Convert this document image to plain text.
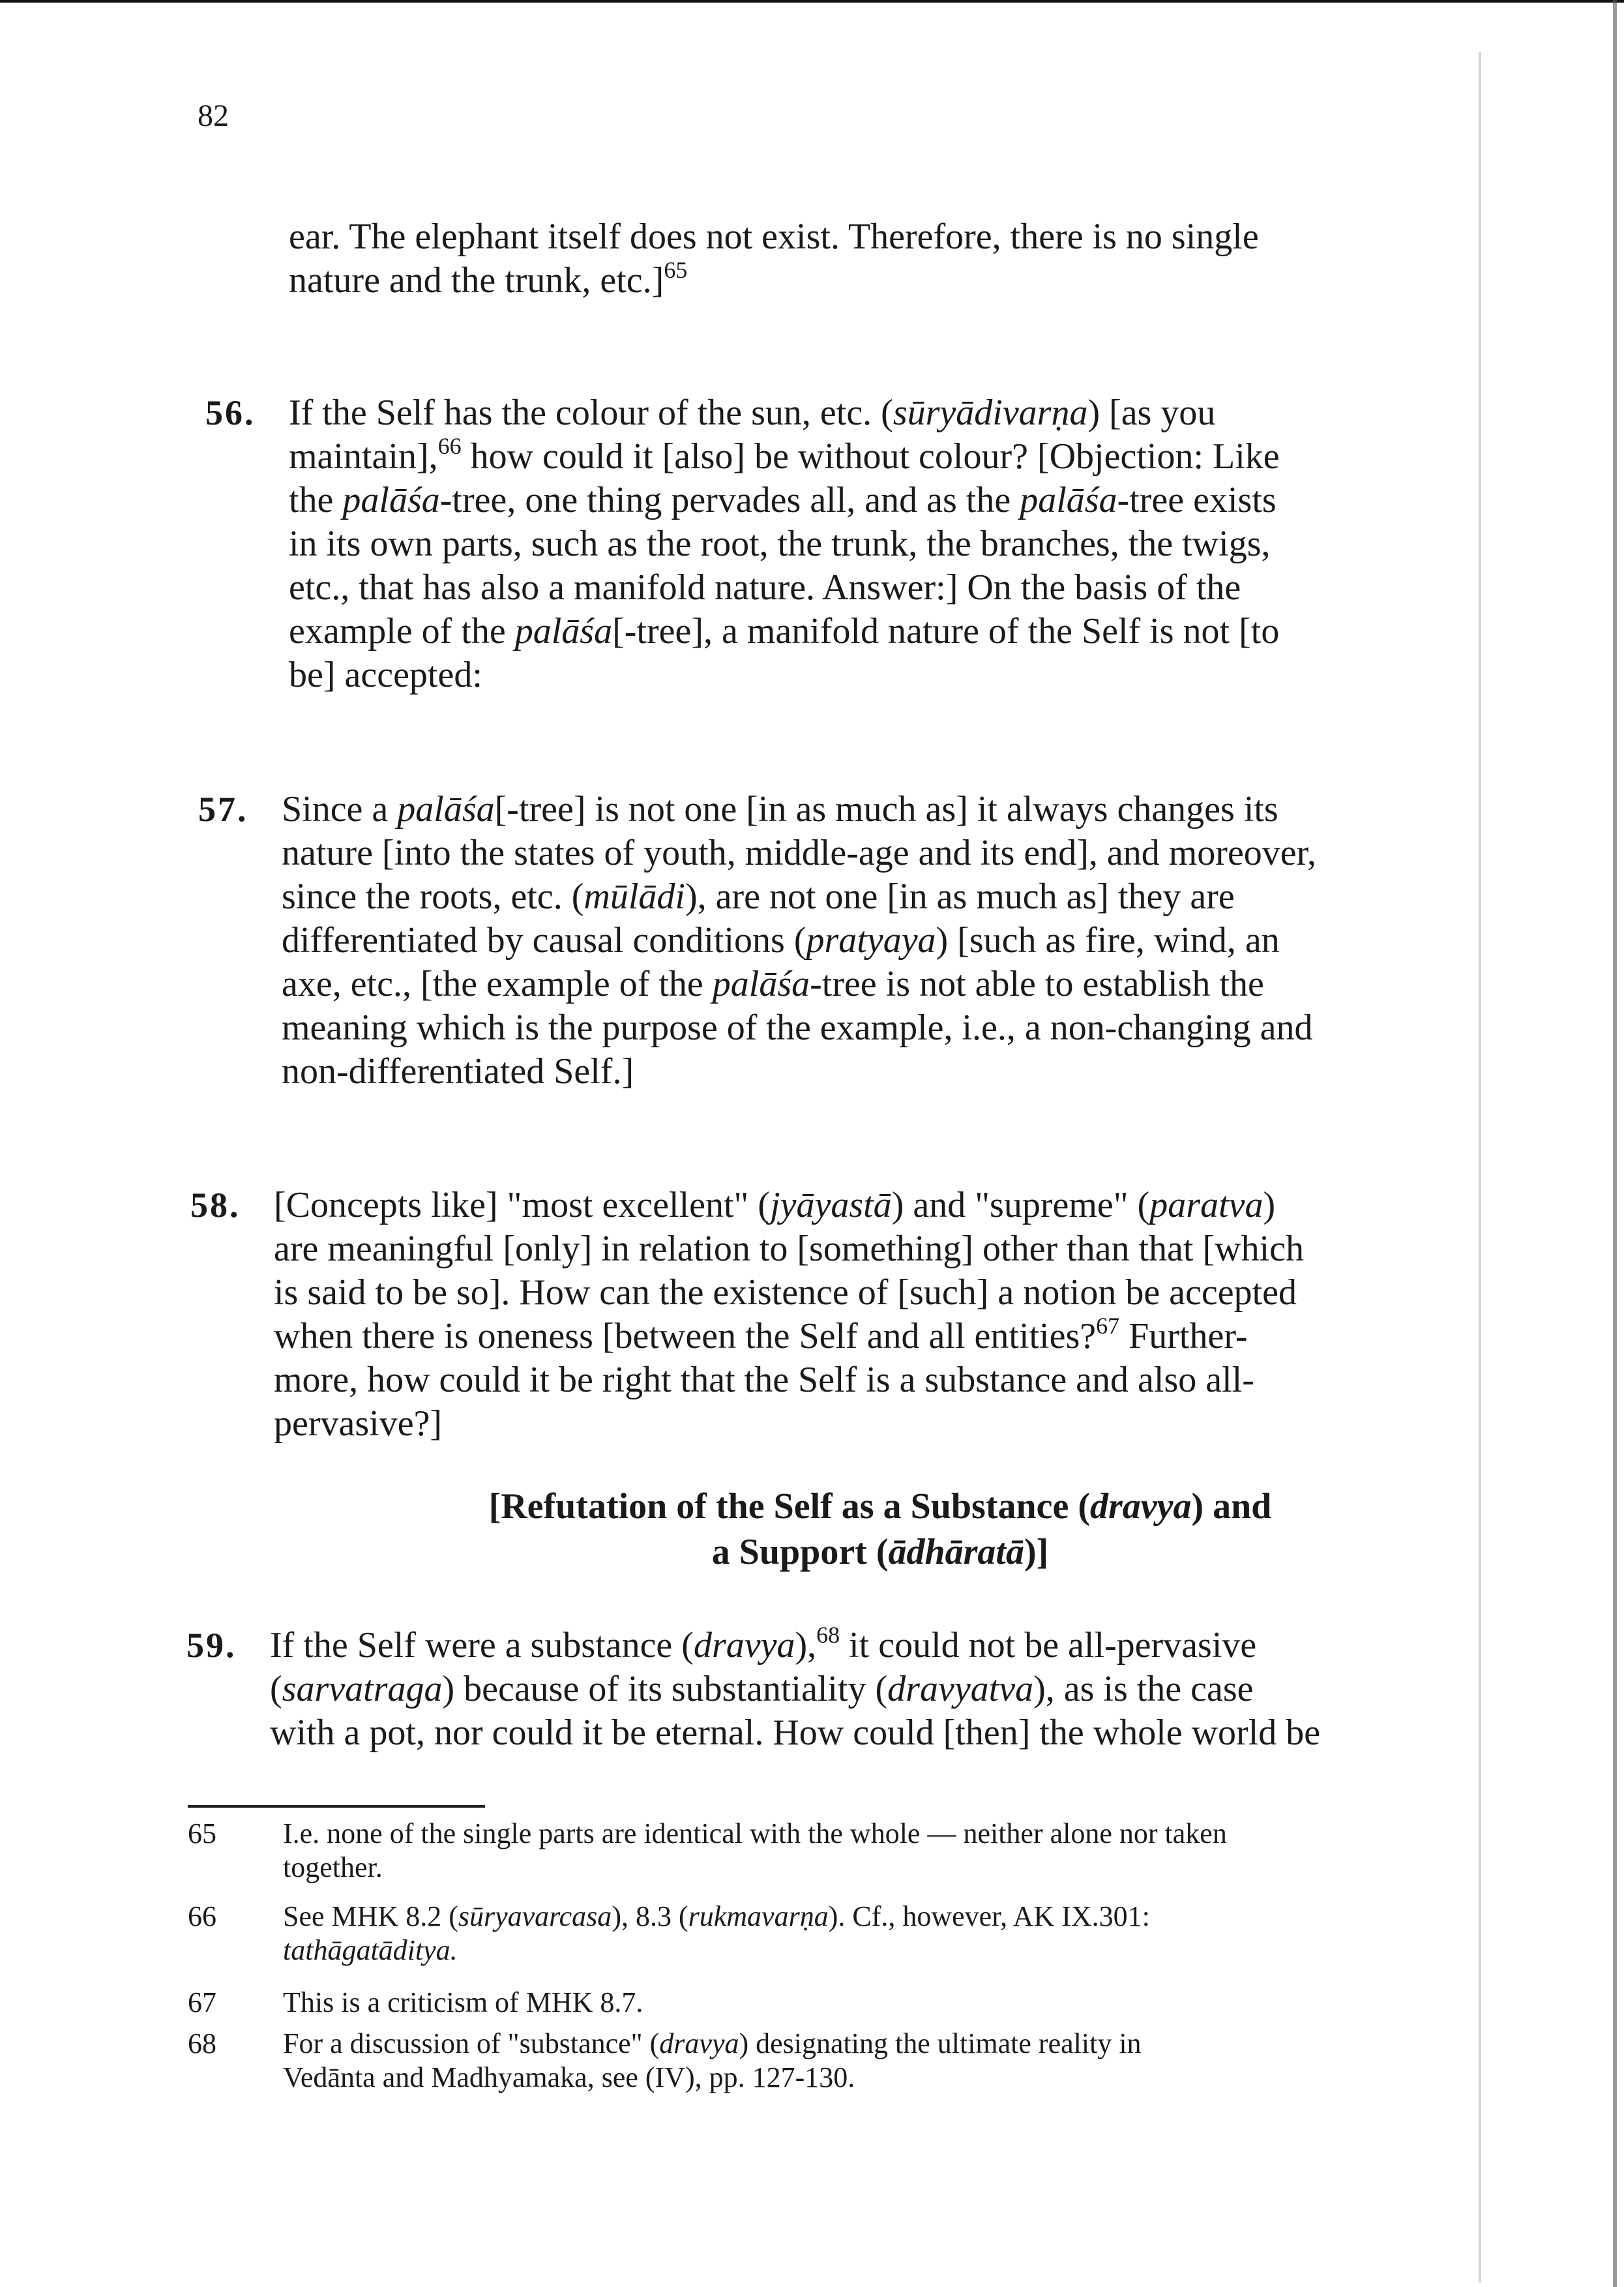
82
ear. The elephant itself does not exist. Therefore, there is no single
nature and the trunk, etc.]$^{65}$
56. If the Self has the colour of the sun, etc. (sūryādivarṇa) [as you
maintain],$^{66}$ how could it [also] be without colour? [Objection: Like
the palāśa-tree, one thing pervades all, and as the palāśa-tree exists
in its own parts, such as the root, the trunk, the branches, the twigs,
etc., that has also a manifold nature. Answer:] On the basis of the
example of the palāśa[-tree], a manifold nature of the Self is not [to
be] accepted:
57. Since a palāśa[-tree] is not one [in as much as] it always changes its
nature [into the states of youth, middle-age and its end], and moreover,
since the roots, etc. (mūlādi), are not one [in as much as] they are
differentiated by causal conditions (pratyaya) [such as fire, wind, an
axe, etc., [the example of the palāśa-tree is not able to establish the
meaning which is the purpose of the example, i.e., a non-changing and
non-differentiated Self.]
58. [Concepts like] "most excellent" (jyāyastā) and "supreme" (paratva)
are meaningful [only] in relation to [something] other than that [which
is said to be so]. How can the existence of [such] a notion be accepted
when there is oneness [between the Self and all entities?$^{67}$ Further-
more, how could it be right that the Self is a substance and also all-
pervasive?]
[Refutation of the Self as a Substance (dravya) and
a Support (ādhāratā)]
59. If the Self were a substance (dravya),$^{68}$ it could not be all-pervasive
(sarvatraga) because of its substantiality (dravyatva), as is the case
with a pot, nor could it be eternal. How could [then] the whole world be
65 I.e. none of the single parts are identical with the whole — neither alone nor taken
together.
66 See MHK 8.2 (sūryavarcasa), 8.3 (rukmavarṇa). Cf., however, AK IX.301:
tathāgatāditya.
67 This is a criticism of MHK 8.7.
68 For a discussion of "substance" (dravya) designating the ultimate reality in
Vedānta and Madhyamaka, see (IV), pp. 127-130.
